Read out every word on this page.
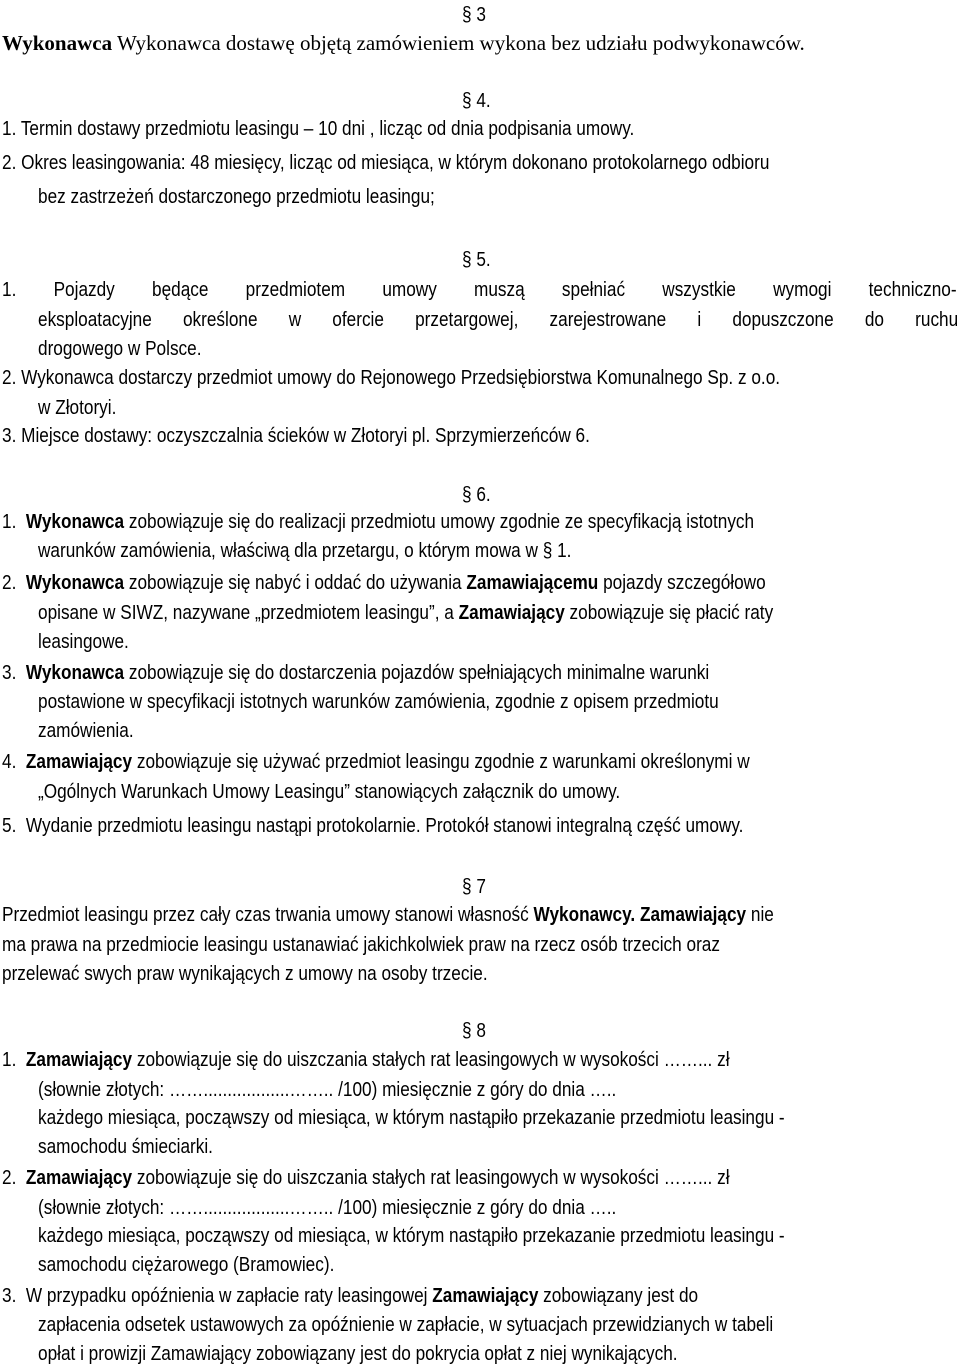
§ 3
Wykonawca Wykonawca dostawę objętą zamówieniem wykona bez udziału podwykonawców.
§ 4.
1. Termin dostawy przedmiotu leasingu – 10 dni , licząc od dnia podpisania umowy.
2. Okres leasingowania: 48 miesięcy, licząc od miesiąca, w którym dokonano protokolarnego odbioru
bez zastrzeżeń dostarczonego przedmiotu leasingu;
§ 5.
1. Pojazdy będące przedmiotem umowy muszą spełniać wszystkie wymogi techniczno-
eksploatacyjne określone w ofercie przetargowej, zarejestrowane i dopuszczone do ruchu
drogowego w Polsce.
2. Wykonawca dostarczy przedmiot umowy do Rejonowego Przedsiębiorstwa Komunalnego Sp. z o.o.
w Złotoryi.
3. Miejsce dostawy: oczyszczalnia ścieków w Złotoryi pl. Sprzymierzeńców 6.
§ 6.
1. Wykonawca zobowiązuje się do realizacji przedmiotu umowy zgodnie ze specyfikacją istotnych
warunków zamówienia, właściwą dla przetargu, o którym mowa w § 1.
2. Wykonawca zobowiązuje się nabyć i oddać do używania Zamawiającemu pojazdy szczegółowo
opisane w SIWZ, nazywane „przedmiotem leasingu”, a Zamawiający zobowiązuje się płacić raty
leasingowe.
3. Wykonawca zobowiązuje się do dostarczenia pojazdów spełniających minimalne warunki
postawione w specyfikacji istotnych warunków zamówienia, zgodnie z opisem przedmiotu
zamówienia.
4. Zamawiający zobowiązuje się używać przedmiot leasingu zgodnie z warunkami określonymi w
„Ogólnych Warunkach Umowy Leasingu” stanowiących załącznik do umowy.
5. Wydanie przedmiotu leasingu nastąpi protokolarnie. Protokół stanowi integralną część umowy.
§ 7
Przedmiot leasingu przez cały czas trwania umowy stanowi własność Wykonawcy. Zamawiający nie
ma prawa na przedmiocie leasingu ustanawiać jakichkolwiek praw na rzecz osób trzecich oraz
przelewać swych praw wynikających z umowy na osoby trzecie.
§ 8
1. Zamawiający zobowiązuje się do uiszczania stałych rat leasingowych w wysokości ……... zł
(słownie złotych: ……..................…….. /100) miesięcznie z góry do dnia …..
każdego miesiąca, począwszy od miesiąca, w którym nastąpiło przekazanie przedmiotu leasingu -
samochodu śmieciarki.
2. Zamawiający zobowiązuje się do uiszczania stałych rat leasingowych w wysokości ……... zł
(słownie złotych: ……..................…….. /100) miesięcznie z góry do dnia …..
każdego miesiąca, począwszy od miesiąca, w którym nastąpiło przekazanie przedmiotu leasingu -
samochodu ciężarowego (Bramowiec).
3. W przypadku opóźnienia w zapłacie raty leasingowej Zamawiający zobowiązany jest do
zapłacenia odsetek ustawowych za opóźnienie w zapłacie, w sytuacjach przewidzianych w tabeli
opłat i prowizji Zamawiający zobowiązany jest do pokrycia opłat z niej wynikających.
